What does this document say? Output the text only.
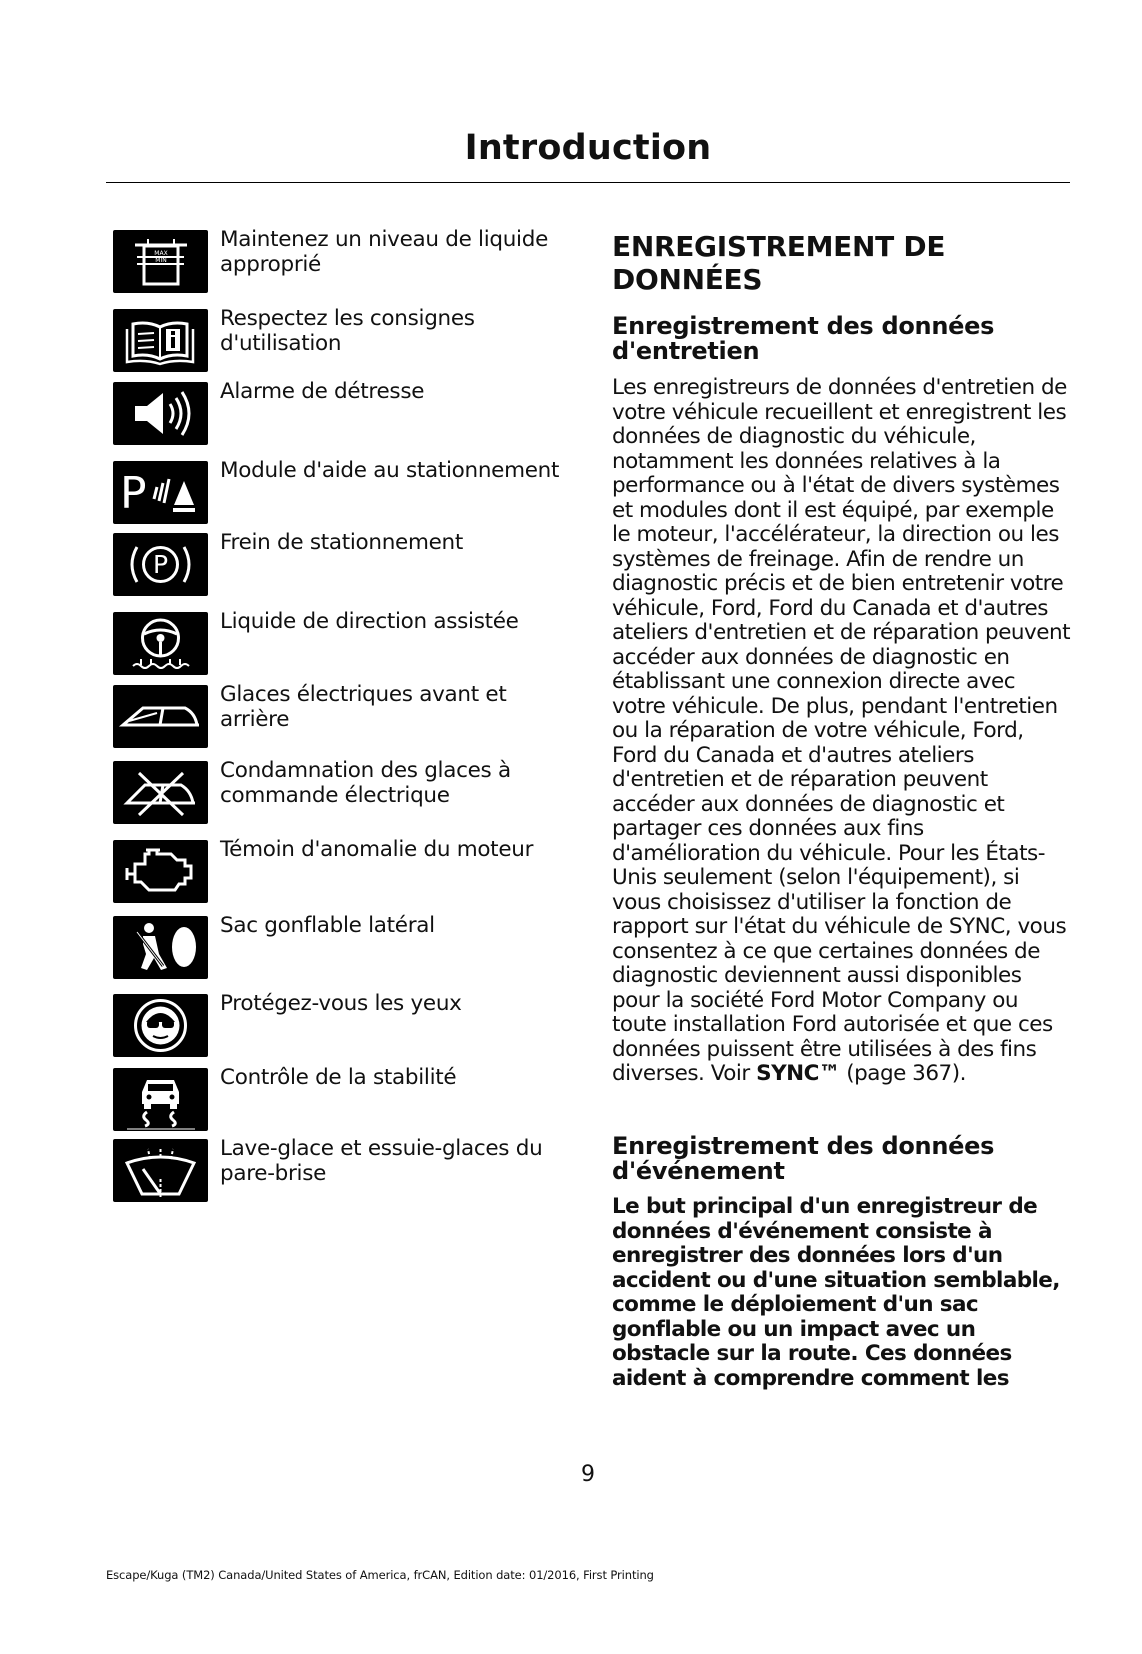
Introduction
MAX
MIN
Maintenez un niveau de liquide approprié
Respectez les consignes d'utilisation
Alarme de détresse
P	Module d'aide au stationnement
P
Frein de stationnement
Liquide de direction assistée
Glaces électriques avant et arrière
Condamnation des glaces à commande électrique
Témoin d'anomalie du moteur
Sac gonflable latéral
Protégez-vous les yeux
Contrôle de la stabilité
Lave-glace et essuie-glaces du pare-brise
ENREGISTREMENT DE DONNÉES
Enregistrement des données d'entretien
Les enregistreurs de données d'entretien de votre véhicule recueillent et enregistrent les données de diagnostic du véhicule, notamment les données relatives à la performance ou à l'état de divers systèmes et modules dont il est équipé, par exemple le moteur, l'accélérateur, la direction ou les systèmes de freinage. Afin de rendre un diagnostic précis et de bien entretenir votre véhicule, Ford, Ford du Canada et d'autres ateliers d'entretien et de réparation peuvent accéder aux données de diagnostic en établissant une connexion directe avec votre véhicule. De plus, pendant l'entretien ou la réparation de votre véhicule, Ford, Ford du Canada et d'autres ateliers d'entretien et de réparation peuvent accéder aux données de diagnostic et partager ces données aux fins d'amélioration du véhicule. Pour les États-Unis seulement (selon l'équipement), si vous choisissez d'utiliser la fonction de rapport sur l'état du véhicule de SYNC, vous consentez à ce que certaines données de diagnostic deviennent aussi disponibles pour la société Ford Motor Company ou toute installation Ford autorisée et que ces données puissent être utilisées à des fins diverses. Voir SYNC™ (page 367).
Enregistrement des données d'événement
Le but principal d'un enregistreur de données d'événement consiste à enregistrer des données lors d'un accident ou d'une situation semblable, comme le déploiement d'un sac gonflable ou un impact avec un obstacle sur la route. Ces données aident à comprendre comment les
9
Escape/Kuga (TM2) Canada/United States of America, frCAN, Edition date: 01/2016, First Printing
